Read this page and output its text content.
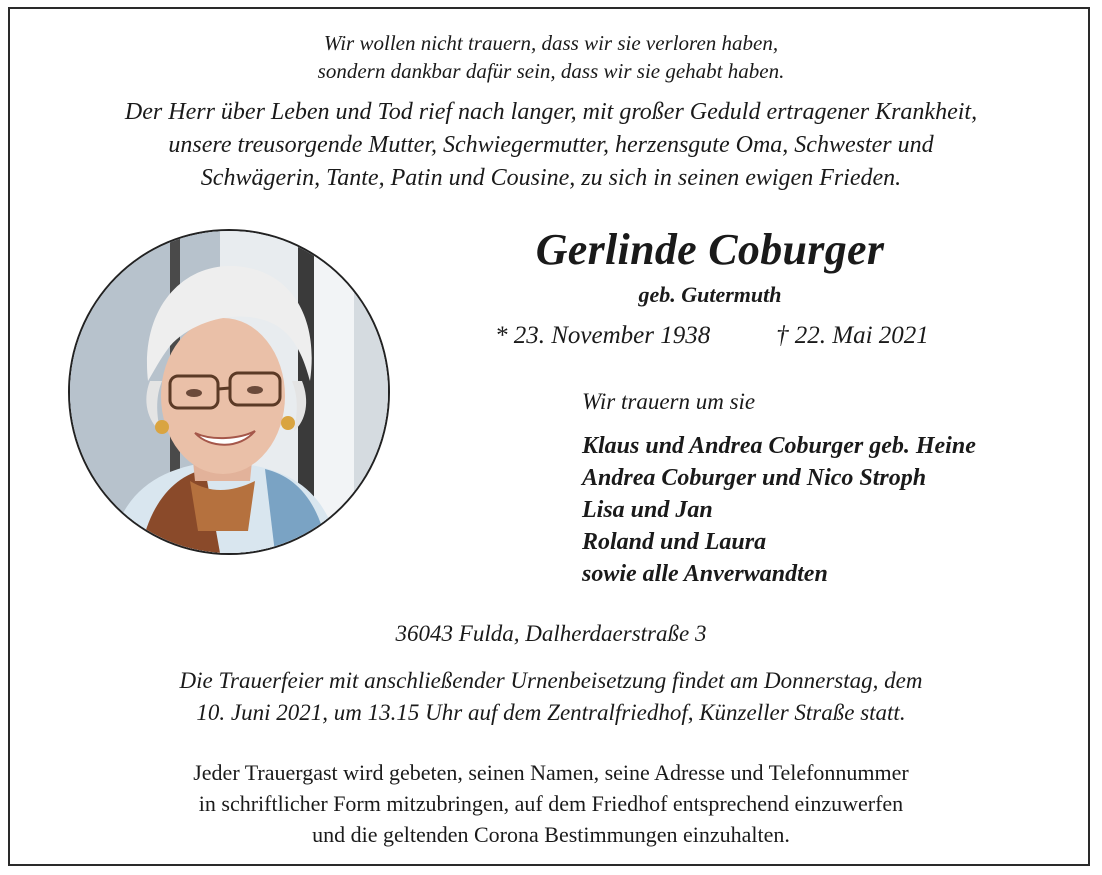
Wir wollen nicht trauern, dass wir sie verloren haben,
sondern dankbar dafür sein, dass wir sie gehabt haben.
Der Herr über Leben und Tod rief nach langer, mit großer Geduld ertragener Krankheit,
unsere treusorgende Mutter, Schwiegermutter, herzensgute Oma, Schwester und
Schwägerin, Tante, Patin und Cousine, zu sich in seinen ewigen Frieden.
Gerlinde Coburger
geb. Gutermuth
* 23. November 1938	† 22. Mai 2021
Wir trauern um sie
Klaus und Andrea Coburger geb. Heine
Andrea Coburger und Nico Stroph
Lisa und Jan
Roland und Laura
sowie alle Anverwandten
36043 Fulda, Dalherdaerstraße 3
Die Trauerfeier mit anschließender Urnenbeisetzung findet am Donnerstag, dem
10. Juni 2021, um 13.15 Uhr auf dem Zentralfriedhof, Künzeller Straße statt.
Jeder Trauergast wird gebeten, seinen Namen, seine Adresse und Telefonnummer
in schriftlicher Form mitzubringen, auf dem Friedhof entsprechend einzuwerfen
und die geltenden Corona Bestimmungen einzuhalten.
